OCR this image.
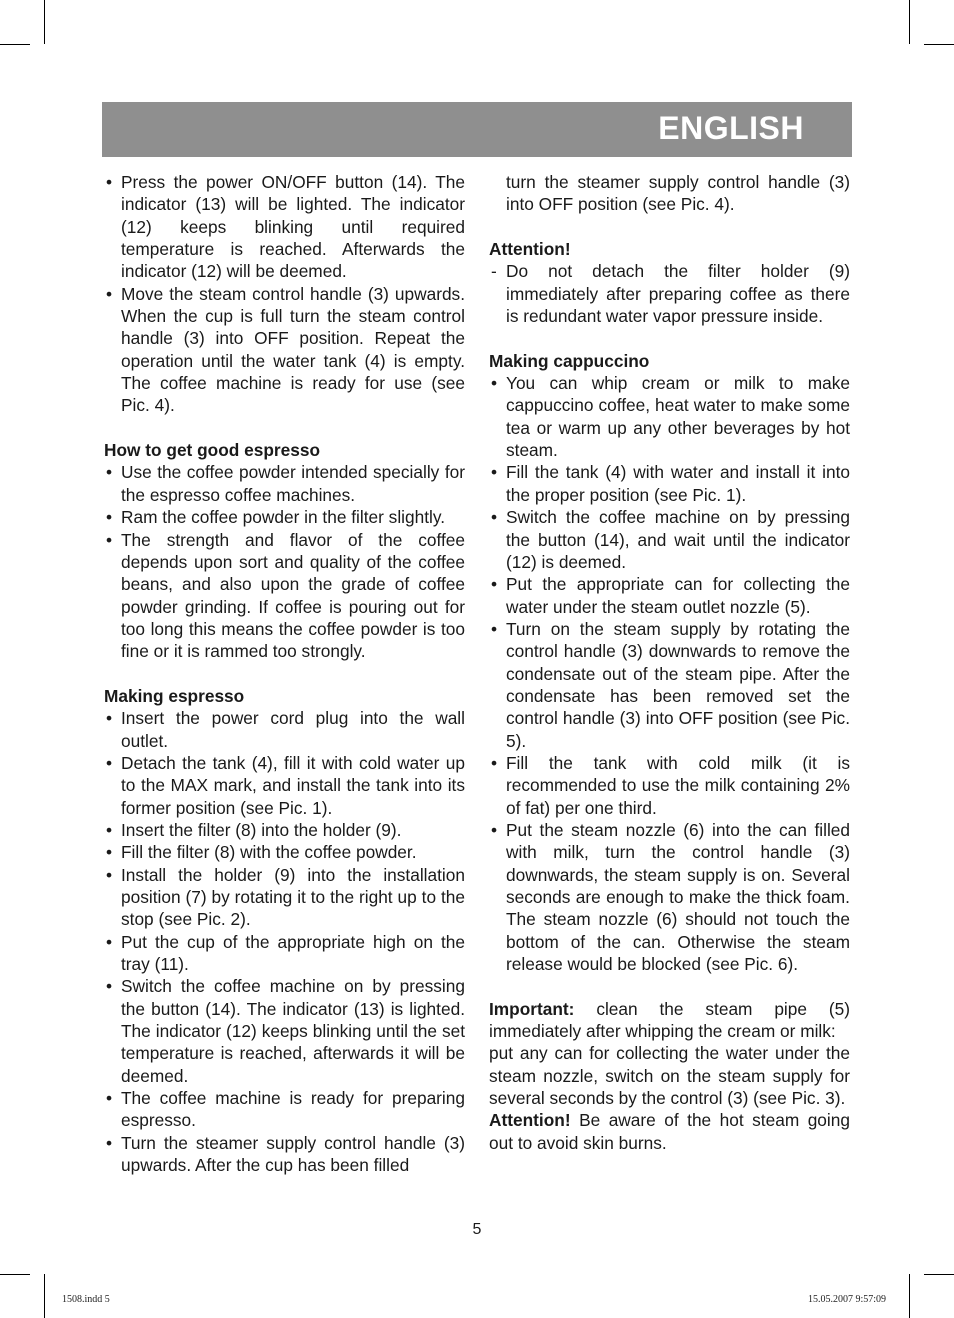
ENGLISH
• Press the power ON/OFF button (14). The indicator (13) will be lighted. The indicator (12) keeps blinking until required temperature is reached. Afterwards the indicator (12) will be deemed.
• Move the steam control handle (3) upwards. When the cup is full turn the steam control handle (3) into OFF position. Repeat the operation until the water tank (4) is empty. The coffee machine is ready for use (see Pic. 4).
How to get good espresso
• Use the coffee powder intended specially for the espresso coffee machines.
• Ram the coffee powder in the filter slightly.
• The strength and flavor of the coffee depends upon sort and quality of the coffee beans, and also upon the grade of coffee powder grinding. If coffee is pouring out for too long this means the coffee powder is too fine or it is rammed too strongly.
Making espresso
• Insert the power cord plug into the wall outlet.
• Detach the tank (4), fill it with cold water up to the MAX mark, and install the tank into its former position (see Pic. 1).
• Insert the filter (8) into the holder (9).
• Fill the filter (8) with the coffee powder.
• Install the holder (9) into the installation position (7) by rotating it to the right up to the stop (see Pic. 2).
• Put the cup of the appropriate high on the tray (11).
• Switch the coffee machine on by pressing the button (14). The indicator (13) is lighted. The indicator (12) keeps blinking until the set temperature is reached, afterwards it will be deemed.
• The coffee machine is ready for preparing espresso.
• Turn the steamer supply control handle (3) upwards. After the cup has been filled
turn the steamer supply control handle (3) into OFF position (see Pic. 4).
Attention!
- Do not detach the filter holder (9) immediately after preparing coffee as there is redundant water vapor pressure inside.
Making cappuccino
• You can whip cream or milk to make cappuccino coffee, heat water to make some tea or warm up any other beverages by hot steam.
• Fill the tank (4) with water and install it into the proper position (see Pic. 1).
• Switch the coffee machine on by pressing the button (14), and wait until the indicator (12) is deemed.
• Put the appropriate can for collecting the water under the steam outlet nozzle (5).
• Turn on the steam supply by rotating the control handle (3) downwards to remove the condensate out of the steam pipe. After the condensate has been removed set the control handle (3) into OFF position (see Pic. 5).
• Fill the tank with cold milk (it is recommended to use the milk containing 2% of fat) per one third.
• Put the steam nozzle (6) into the can filled with milk, turn the control handle (3) downwards, the steam supply is on. Several seconds are enough to make the thick foam. The steam nozzle (6) should not touch the bottom of the can. Otherwise the steam release would be blocked (see Pic. 6).
Important: clean the steam pipe (5) immediately after whipping the cream or milk:
put any can for collecting the water under the steam nozzle, switch on the steam supply for several seconds by the control (3) (see Pic. 3).
Attention! Be aware of the hot steam going out to avoid skin burns.
5
1508.indd 5	15.05.2007 9:57:09
